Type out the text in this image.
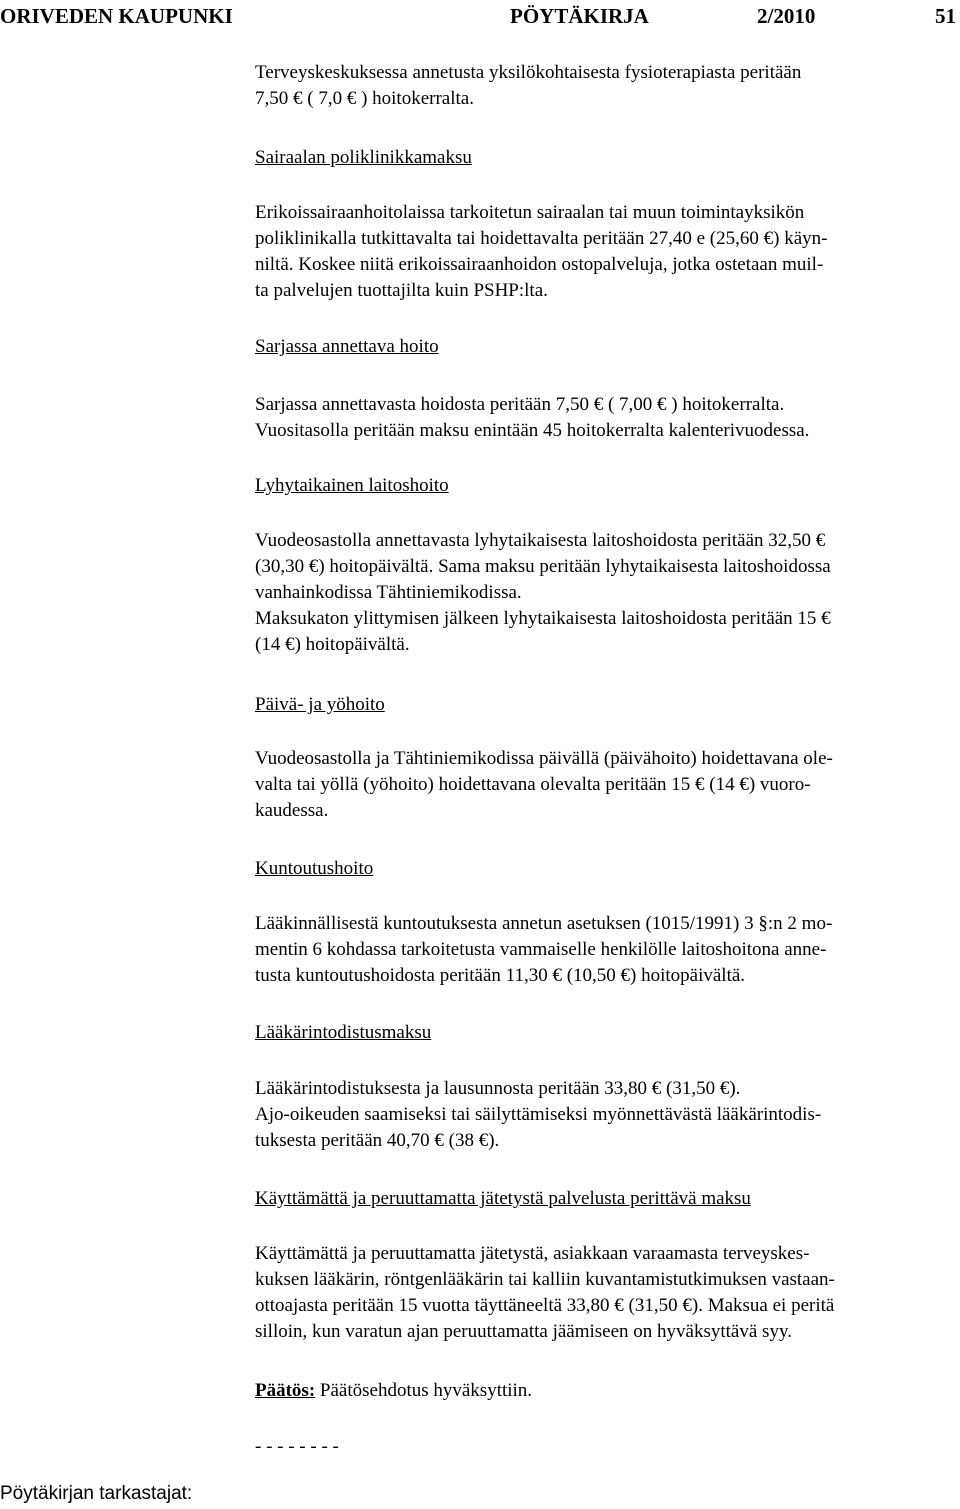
ORIVEDEN KAUPUNKI	PÖYTÄKIRJA	2/2010	51

Terveyskeskuksessa annetusta yksilökohtaisesta fysioterapiasta peritään

7,50 € ( 7,0 € ) hoitokerralta.

Sairaalan poliklinikkamaksu

Erikoissairaanhoitolaissa tarkoitetun sairaalan tai muun toimintayksikön

poliklinikalla tutkittavalta tai hoidettavalta peritään 27,40 e (25,60 €) käyn-

niltä. Koskee niitä erikoissairaanhoidon ostopalveluja, jotka ostetaan muil-

ta palvelujen tuottajilta kuin PSHP:lta.

Sarjassa annettava hoito

Sarjassa annettavasta hoidosta peritään 7,50 € ( 7,00 € ) hoitokerralta.

Vuositasolla peritään maksu enintään 45 hoitokerralta kalenterivuodessa.

Lyhytaikainen laitoshoito

Vuodeosastolla annettavasta lyhytaikaisesta laitoshoidosta peritään 32,50 €

(30,30 €) hoitopäivältä. Sama maksu peritään lyhytaikaisesta laitoshoidossa

vanhainkodissa Tähtiniemikodissa.

Maksukaton ylittymisen jälkeen lyhytaikaisesta laitoshoidosta peritään 15 €

(14 €) hoitopäivältä.

Päivä- ja yöhoito

Vuodeosastolla ja Tähtiniemikodissa päivällä (päivähoito) hoidettavana ole-

valta tai yöllä (yöhoito) hoidettavana olevalta peritään 15 € (14 €) vuoro-

kaudessa.

Kuntoutushoito

Lääkinnällisestä kuntoutuksesta annetun asetuksen (1015/1991) 3 §:n 2 mo-

mentin 6 kohdassa tarkoitetusta vammaiselle henkilölle laitoshoitona anne-

tusta kuntoutushoidosta peritään 11,30 € (10,50 €) hoitopäivältä.

Lääkärintodistusmaksu

Lääkärintodistuksesta ja lausunnosta peritään 33,80 € (31,50 €).

Ajo-oikeuden saamiseksi tai säilyttämiseksi myönnettävästä lääkärintodis-

tuksesta peritään 40,70 € (38 €).

Käyttämättä ja peruuttamatta jätetystä palvelusta perittävä maksu

Käyttämättä ja peruuttamatta jätetystä, asiakkaan varaamasta terveyskes-

kuksen lääkärin, röntgenlääkärin tai kalliin kuvantamistutkimuksen vastaan-

ottoajasta peritään 15 vuotta täyttäneeltä 33,80 € (31,50 €). Maksua ei peritä

silloin, kun varatun ajan peruuttamatta jäämiseen on hyväksyttävä syy.

Päätös: Päätösehdotus hyväksyttiin.

- - - - - - - -

Pöytäkirjan tarkastajat:
